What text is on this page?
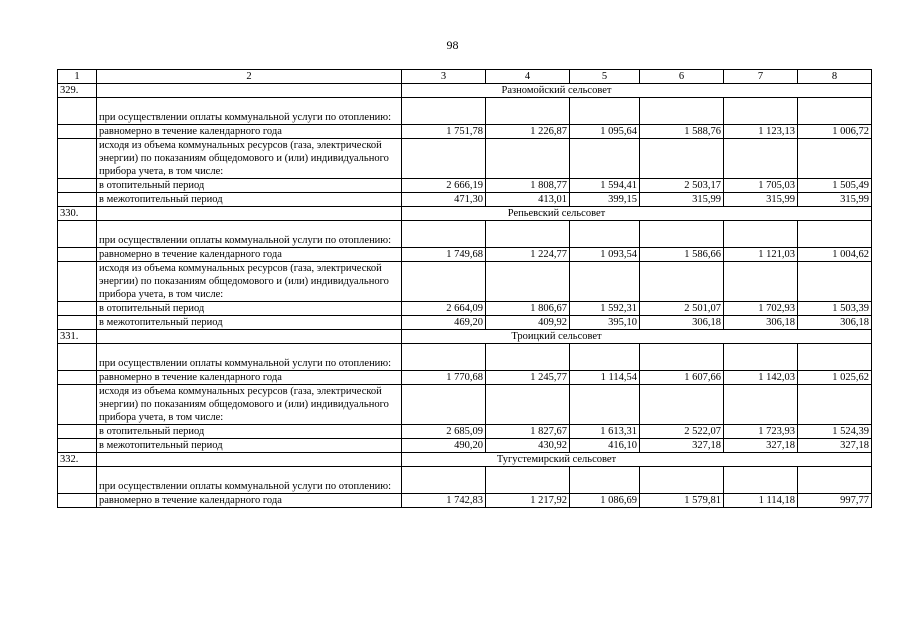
98
1	2	3	4	5	6	7	8
329.		Разномойский сельсовет					
	при осуществлении оплаты коммунальной услуги по отоплению:						
	равномерно в течение календарного года	1 751,78	1 226,87	1 095,64	1 588,76	1 123,13	1 006,72
	исходя из объема коммунальных ресурсов (газа, электрической энергии) по показаниям общедомового и (или) индивидуального прибора учета, в том числе:						
	в отопительный период	2 666,19	1 808,77	1 594,41	2 503,17	1 705,03	1 505,49
	в межотопительный период	471,30	413,01	399,15	315,99	315,99	315,99
330.		Репьевский сельсовет					
	при осуществлении оплаты коммунальной услуги по отоплению:						
	равномерно в течение календарного года	1 749,68	1 224,77	1 093,54	1 586,66	1 121,03	1 004,62
	исходя из объема коммунальных ресурсов (газа, электрической энергии) по показаниям общедомового и (или) индивидуального прибора учета, в том числе:						
	в отопительный период	2 664,09	1 806,67	1 592,31	2 501,07	1 702,93	1 503,39
	в межотопительный период	469,20	409,92	395,10	306,18	306,18	306,18
331.		Троицкий сельсовет					
	при осуществлении оплаты коммунальной услуги по отоплению:						
	равномерно в течение календарного года	1 770,68	1 245,77	1 114,54	1 607,66	1 142,03	1 025,62
	исходя из объема коммунальных ресурсов (газа, электрической энергии) по показаниям общедомового и (или) индивидуального прибора учета, в том числе:						
	в отопительный период	2 685,09	1 827,67	1 613,31	2 522,07	1 723,93	1 524,39
	в межотопительный период	490,20	430,92	416,10	327,18	327,18	327,18
332.		Тугустемирский сельсовет					
	при осуществлении оплаты коммунальной услуги по отоплению:						
	равномерно в течение календарного года	1 742,83	1 217,92	1 086,69	1 579,81	1 114,18	997,77
